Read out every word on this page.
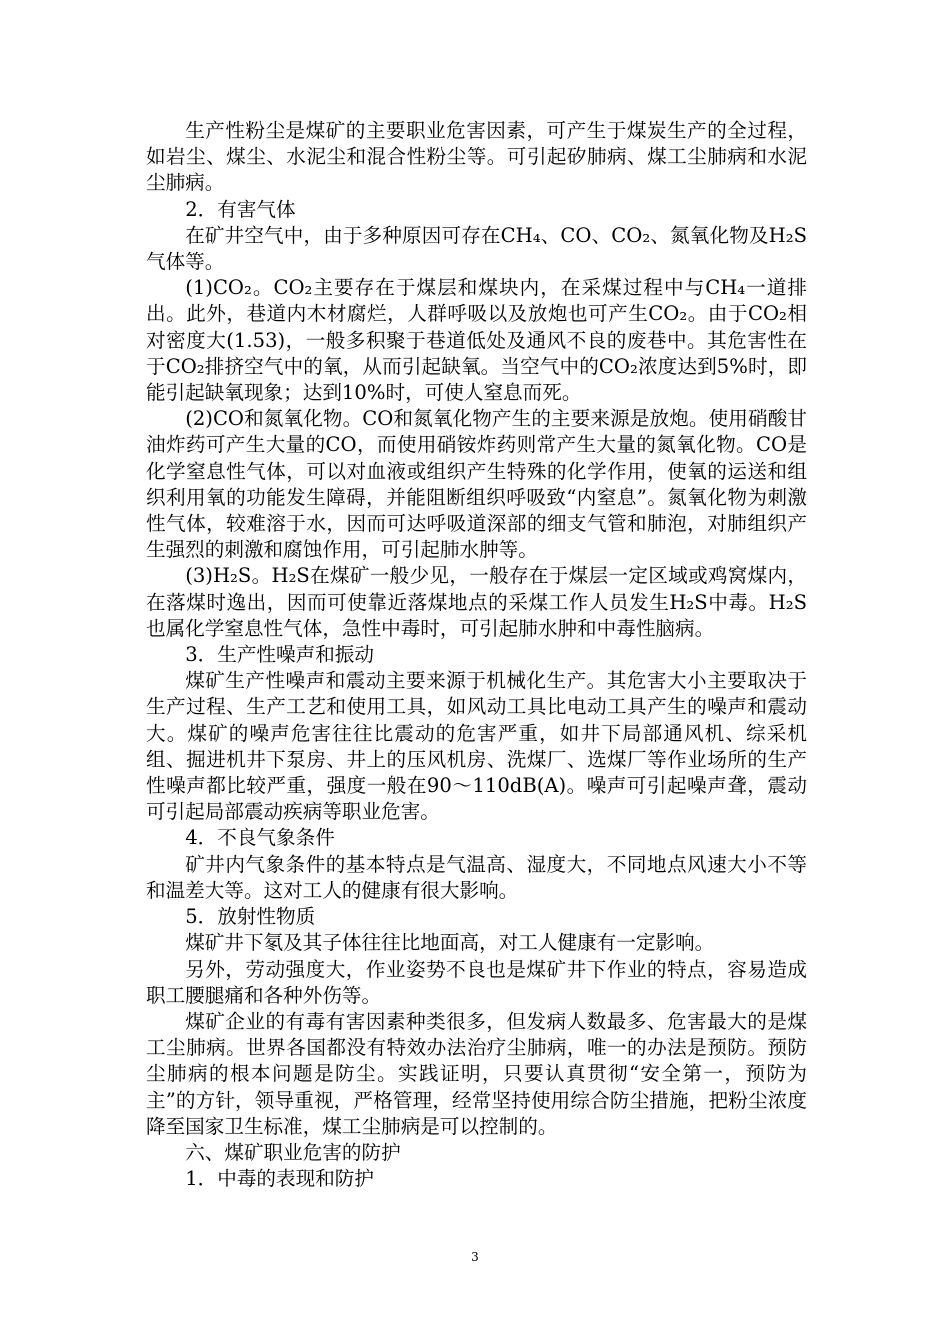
生产性粉尘是煤矿的主要职业危害因素，可产生于煤炭生产的全过程，如岩尘、煤尘、水泥尘和混合性粉尘等。可引起矽肺病、煤工尘肺病和水泥尘肺病。

2．有害气体

在矿井空气中，由于多种原因可存在CH₄、CO、CO₂、氮氧化物及H₂S气体等。

(1)CO₂。CO₂主要存在于煤层和煤块内，在采煤过程中与CH₄一道排出。此外，巷道内木材腐烂，人群呼吸以及放炮也可产生CO₂。由于CO₂相对密度大(1.53)，一般多积聚于巷道低处及通风不良的废巷中。其危害性在于CO₂排挤空气中的氧，从而引起缺氧。当空气中的CO₂浓度达到5%时，即能引起缺氧现象；达到10%时，可使人窒息而死。

(2)CO和氮氧化物。CO和氮氧化物产生的主要来源是放炮。使用硝酸甘油炸药可产生大量的CO，而使用硝铵炸药则常产生大量的氮氧化物。CO是化学窒息性气体，可以对血液或组织产生特殊的化学作用，使氧的运送和组织利用氧的功能发生障碍，并能阻断组织呼吸致“内窒息”。氮氧化物为刺激性气体，较难溶于水，因而可达呼吸道深部的细支气管和肺泡，对肺组织产生强烈的刺激和腐蚀作用，可引起肺水肿等。

(3)H₂S。H₂S在煤矿一般少见，一般存在于煤层一定区域或鸡窝煤内，在落煤时逸出，因而可使靠近落煤地点的采煤工作人员发生H₂S中毒。H₂S也属化学窒息性气体，急性中毒时，可引起肺水肿和中毒性脑病。

3．生产性噪声和振动

煤矿生产性噪声和震动主要来源于机械化生产。其危害大小主要取决于生产过程、生产工艺和使用工具，如风动工具比电动工具产生的噪声和震动大。煤矿的噪声危害往往比震动的危害严重，如井下局部通风机、综采机组、掘进机井下泵房、井上的压风机房、洗煤厂、选煤厂等作业场所的生产性噪声都比较严重，强度一般在90～110dB(A)。噪声可引起噪声聋，震动可引起局部震动疾病等职业危害。

4．不良气象条件

矿井内气象条件的基本特点是气温高、湿度大，不同地点风速大小不等和温差大等。这对工人的健康有很大影响。

5．放射性物质

煤矿井下氡及其子体往往比地面高，对工人健康有一定影响。

另外，劳动强度大，作业姿势不良也是煤矿井下作业的特点，容易造成职工腰腿痛和各种外伤等。

煤矿企业的有毒有害因素种类很多，但发病人数最多、危害最大的是煤工尘肺病。世界各国都没有特效办法治疗尘肺病，唯一的办法是预防。预防尘肺病的根本问题是防尘。实践证明，只要认真贯彻“安全第一，预防为主”的方针，领导重视，严格管理，经常坚持使用综合防尘措施，把粉尘浓度降至国家卫生标准，煤工尘肺病是可以控制的。

六、煤矿职业危害的防护

1．中毒的表现和防护

3
